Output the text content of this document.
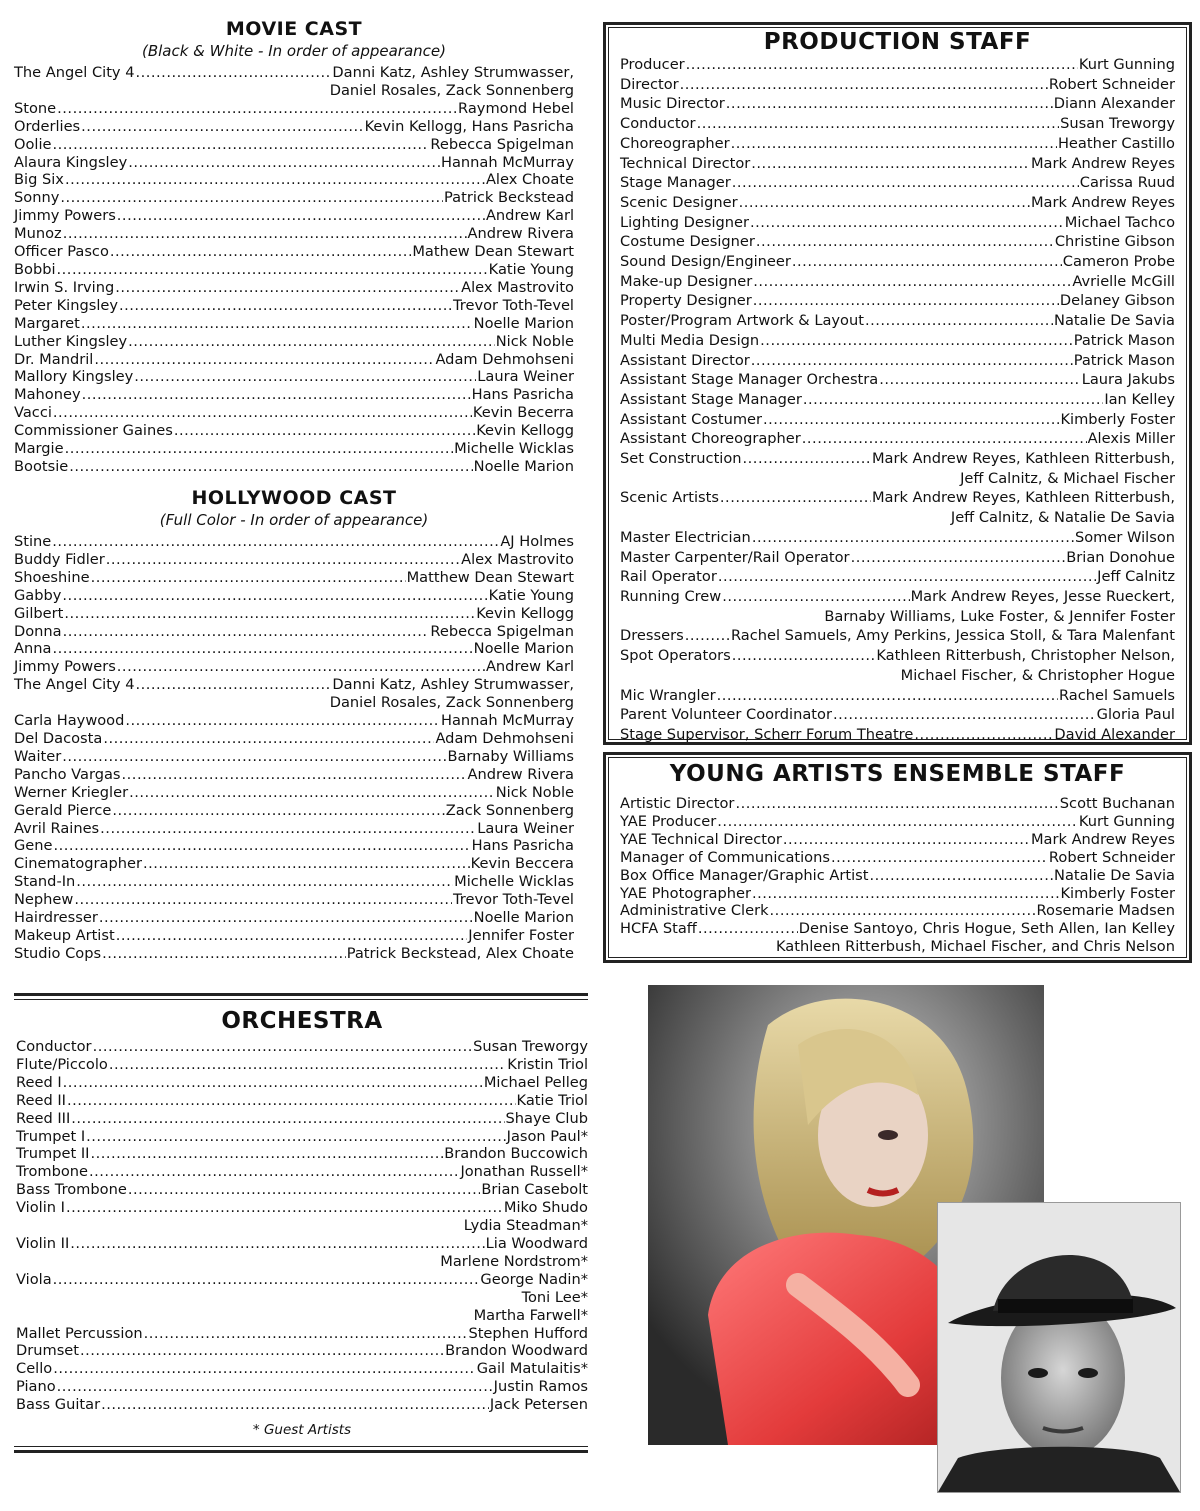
MOVIE CAST
(Black & White - In order of appearance)
The Angel City 4 .....	Danni Katz, Ashley Strumwasser,
Daniel Rosales, Zack Sonnenberg
Stone .....	Raymond Hebel
Orderlies .....	Kevin Kellogg, Hans Pasricha
Oolie .....	Rebecca Spigelman
Alaura Kingsley .....	Hannah McMurray
Big Six .....	Alex Choate
Sonny .....	Patrick Beckstead
Jimmy Powers .....	Andrew Karl
Munoz .....	Andrew Rivera
Officer Pasco .....	Mathew Dean Stewart
Bobbi .....	Katie Young
Irwin S. Irving .....	Alex Mastrovito
Peter Kingsley .....	Trevor Toth-Tevel
Margaret .....	Noelle Marion
Luther Kingsley .....	Nick Noble
Dr. Mandril .....	Adam Dehmohseni
Mallory Kingsley .....	Laura Weiner
Mahoney .....	Hans Pasricha
Vacci .....	Kevin Becerra
Commissioner Gaines .....	Kevin Kellogg
Margie .....	Michelle Wicklas
Bootsie .....	Noelle Marion
HOLLYWOOD CAST
(Full Color - In order of appearance)
Stine .....	AJ Holmes
Buddy Fidler .....	Alex Mastrovito
Shoeshine .....	Matthew Dean Stewart
Gabby .....	Katie Young
Gilbert .....	Kevin Kellogg
Donna .....	Rebecca Spigelman
Anna .....	Noelle Marion
Jimmy Powers .....	Andrew Karl
The Angel City 4 .....	Danni Katz, Ashley Strumwasser,
Daniel Rosales, Zack Sonnenberg
Carla Haywood .....	Hannah McMurray
Del Dacosta .....	Adam Dehmohseni
Waiter .....	Barnaby Williams
Pancho Vargas .....	Andrew Rivera
Werner Kriegler .....	Nick Noble
Gerald Pierce .....	Zack Sonnenberg
Avril Raines .....	Laura Weiner
Gene .....	Hans Pasricha
Cinematographer .....	Kevin Beccera
Stand-In .....	Michelle Wicklas
Nephew .....	Trevor Toth-Tevel
Hairdresser .....	Noelle Marion
Makeup Artist .....	Jennifer Foster
Studio Cops .....	Patrick Beckstead, Alex Choate
PRODUCTION STAFF
Producer .....	Kurt Gunning
Director .....	Robert Schneider
Music Director .....	Diann Alexander
Conductor .....	Susan Treworgy
Choreographer .....	Heather Castillo
Technical Director .....	Mark Andrew Reyes
Stage Manager .....	Carissa Ruud
Scenic Designer .....	Mark Andrew Reyes
Lighting Designer .....	Michael Tachco
Costume Designer .....	Christine Gibson
Sound Design/Engineer .....	Cameron Probe
Make-up Designer .....	Avrielle McGill
Property Designer .....	Delaney Gibson
Poster/Program Artwork & Layout .....	Natalie De Savia
Multi Media Design .....	Patrick Mason
Assistant Director .....	Patrick Mason
Assistant Stage Manager Orchestra .....	Laura Jakubs
Assistant Stage Manager .....	Ian Kelley
Assistant Costumer .....	Kimberly Foster
Assistant Choreographer .....	Alexis Miller
Set Construction .....	Mark Andrew Reyes, Kathleen Ritterbush,
Jeff Calnitz, & Michael Fischer
Scenic Artists .....	Mark Andrew Reyes, Kathleen Ritterbush,
Jeff Calnitz, & Natalie De Savia
Master Electrician .....	Somer Wilson
Master Carpenter/Rail Operator .....	Brian Donohue
Rail Operator .....	Jeff Calnitz
Running Crew .....	Mark Andrew Reyes, Jesse Rueckert,
Barnaby Williams, Luke Foster, & Jennifer Foster
Dressers .....	Rachel Samuels, Amy Perkins, Jessica Stoll, & Tara Malenfant
Spot Operators .....	Kathleen Ritterbush, Christopher Nelson,
Michael Fischer, & Christopher Hogue
Mic Wrangler .....	Rachel Samuels
Parent Volunteer Coordinator .....	Gloria Paul
Stage Supervisor, Scherr Forum Theatre .....	David Alexander
YOUNG ARTISTS ENSEMBLE STAFF
Artistic Director .....	Scott Buchanan
YAE Producer .....	Kurt Gunning
YAE Technical Director .....	Mark Andrew Reyes
Manager of Communications .....	Robert Schneider
Box Office Manager/Graphic Artist .....	Natalie De Savia
YAE Photographer .....	Kimberly Foster
Administrative Clerk .....	Rosemarie Madsen
HCFA Staff .....	Denise Santoyo, Chris Hogue, Seth Allen, Ian Kelley
Kathleen Ritterbush, Michael Fischer, and Chris Nelson
ORCHESTRA
Conductor .....	Susan Treworgy
Flute/Piccolo .....	Kristin Triol
Reed I .....	Michael Pelleg
Reed II .....	Katie Triol
Reed III .....	Shaye Club
Trumpet I .....	Jason Paul*
Trumpet II .....	Brandon Buccowich
Trombone .....	Jonathan Russell*
Bass Trombone .....	Brian Casebolt
Violin I .....	Miko Shudo
Lydia Steadman*
Violin II .....	Lia Woodward
Marlene Nordstrom*
Viola .....	George Nadin*
Toni Lee*
Martha Farwell*
Mallet Percussion .....	Stephen Hufford
Drumset .....	Brandon Woodward
Cello .....	Gail Matulaitis*
Piano .....	Justin Ramos
Bass Guitar .....	Jack Petersen
* Guest Artists
